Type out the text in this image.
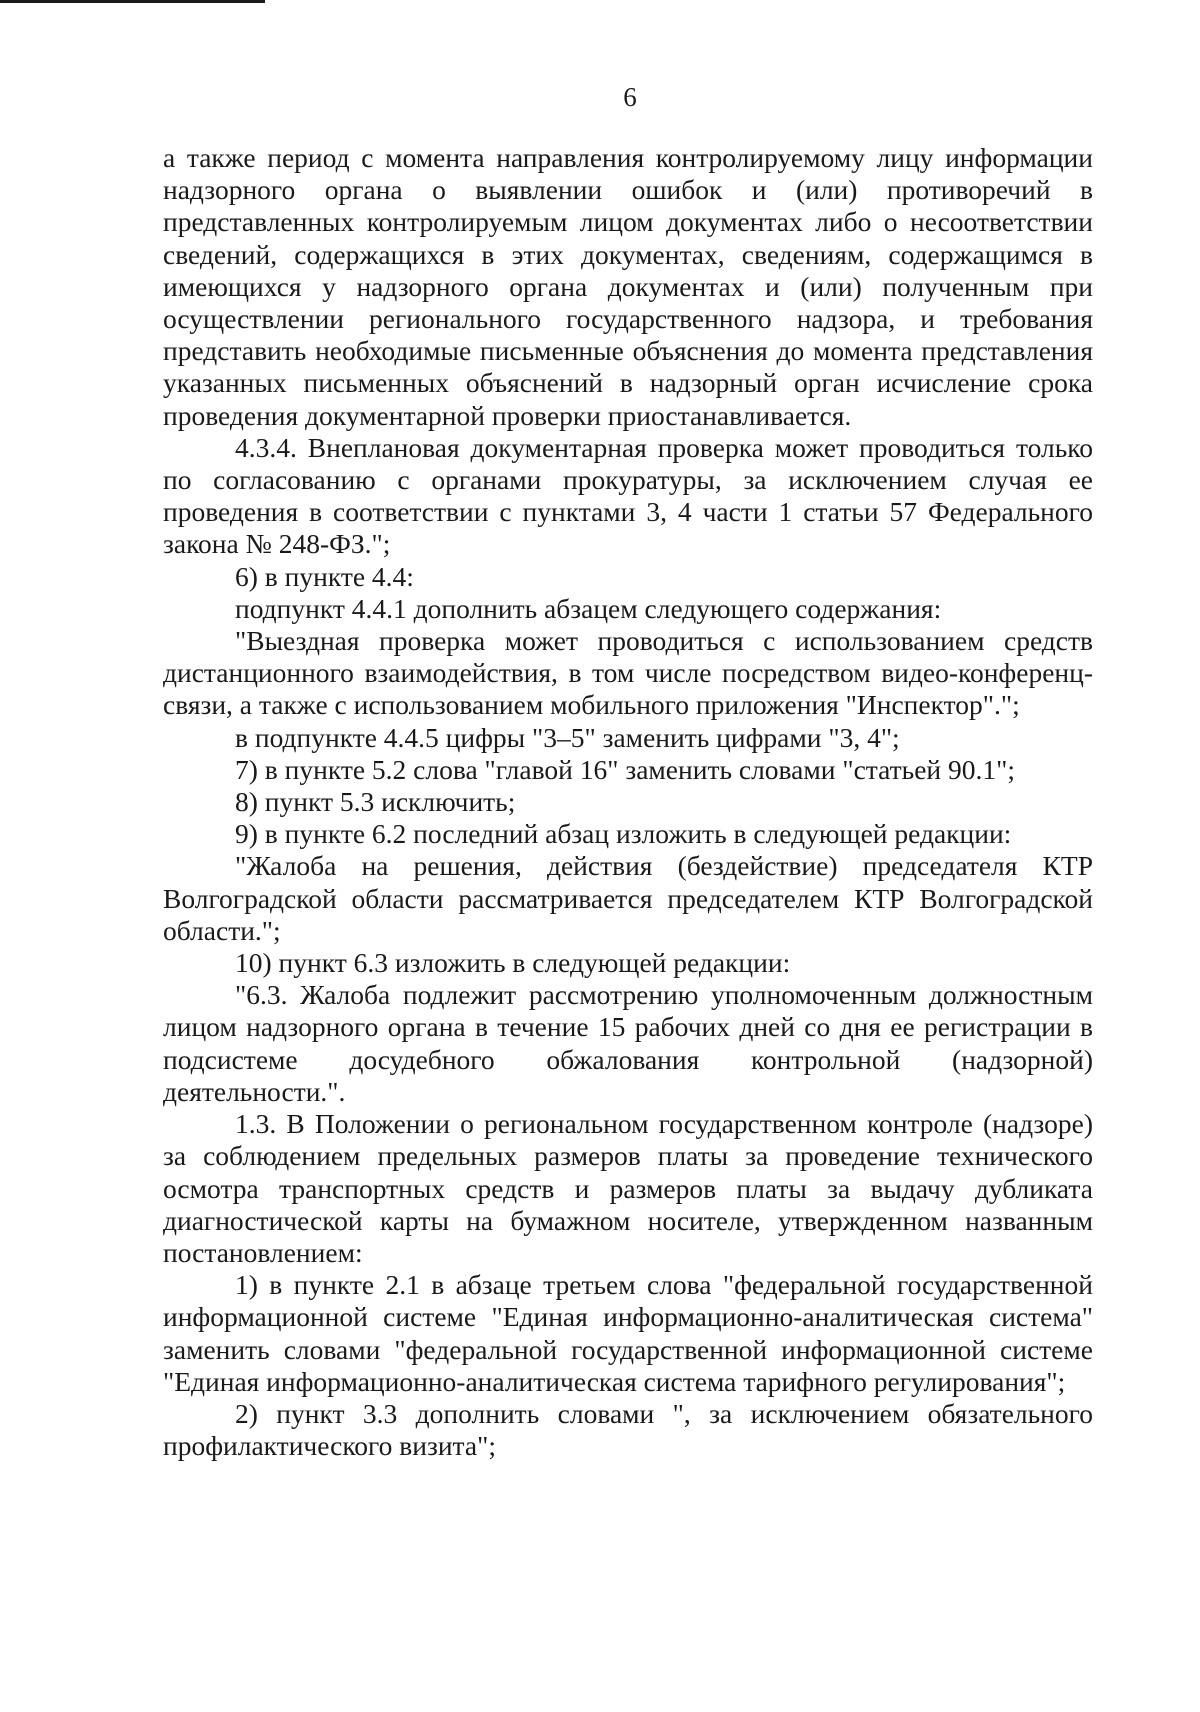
6

а также период с момента направления контролируемому лицу информации надзорного органа о выявлении ошибок и (или) противоречий в представленных контролируемым лицом документах либо о несоответствии сведений, содержащихся в этих документах, сведениям, содержащимся в имеющихся у надзорного органа документах и (или) полученным при осуществлении регионального государственного надзора, и требования представить необходимые письменные объяснения до момента представления указанных письменных объяснений в надзорный орган исчисление срока проведения документарной проверки приостанавливается.

4.3.4. Внеплановая документарная проверка может проводиться только по согласованию с органами прокуратуры, за исключением случая ее проведения в соответствии с пунктами 3, 4 части 1 статьи 57 Федерального закона № 248-ФЗ.";

6) в пункте 4.4:

подпункт 4.4.1 дополнить абзацем следующего содержания:

"Выездная проверка может проводиться с использованием средств дистанционного взаимодействия, в том числе посредством видео-конференц-связи, а также с использованием мобильного приложения "Инспектор".";

в подпункте 4.4.5 цифры "3–5" заменить цифрами "3, 4";

7) в пункте 5.2 слова "главой 16" заменить словами "статьей 90.1";

8) пункт 5.3 исключить;

9) в пункте 6.2 последний абзац изложить в следующей редакции:

"Жалоба на решения, действия (бездействие) председателя КТР Волгоградской области рассматривается председателем КТР Волгоградской области.";

10) пункт 6.3 изложить в следующей редакции:

"6.3. Жалоба подлежит рассмотрению уполномоченным должностным лицом надзорного органа в течение 15 рабочих дней со дня ее регистрации в подсистеме досудебного обжалования контрольной (надзорной) деятельности.".

1.3. В Положении о региональном государственном контроле (надзоре) за соблюдением предельных размеров платы за проведение технического осмотра транспортных средств и размеров платы за выдачу дубликата диагностической карты на бумажном носителе, утвержденном названным постановлением:

1) в пункте 2.1 в абзаце третьем слова "федеральной государственной информационной системе "Единая информационно-аналитическая система" заменить словами "федеральной государственной информационной системе "Единая информационно-аналитическая система тарифного регулирования";

2) пункт 3.3 дополнить словами ", за исключением обязательного профилактического визита";
